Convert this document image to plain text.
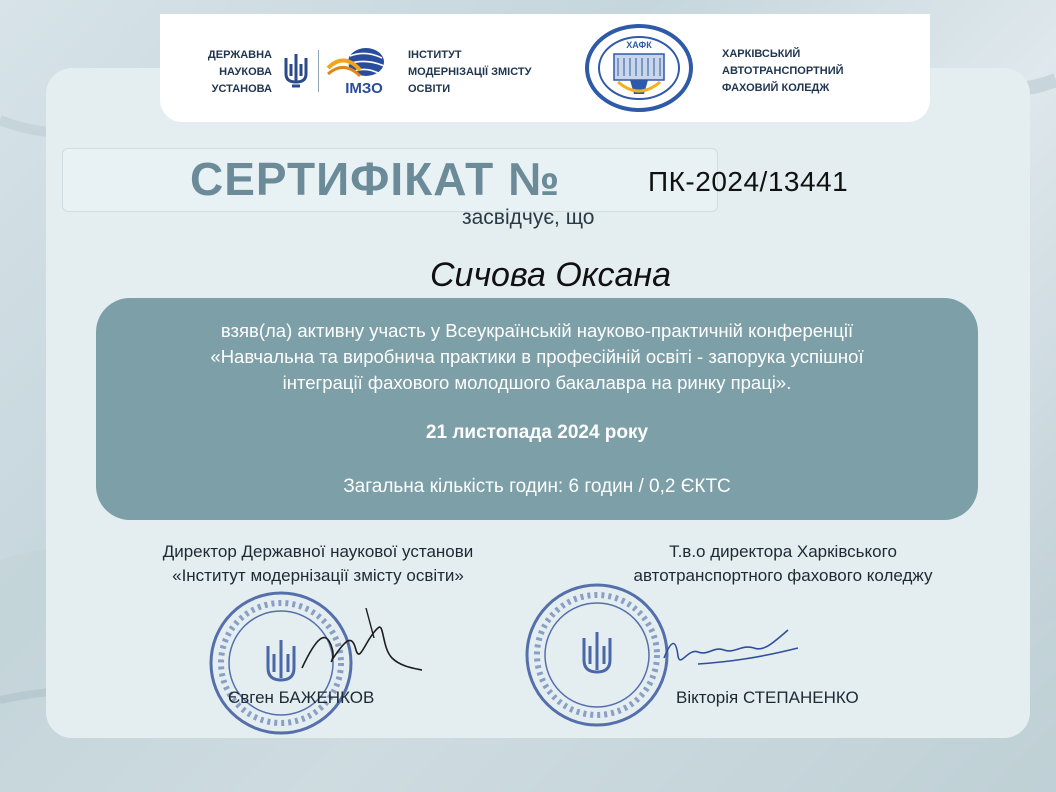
ДЕРЖАВНА
НАУКОВА
УСТАНОВА	ІМЗО
ІНСТИТУТ
МОДЕРНІЗАЦІЇ ЗМІСТУ
ОСВІТИ
ХАФК
ХАРКІВСЬКИЙ
АВТОТРАНСПОРТНИЙ
ФАХОВИЙ КОЛЕДЖ
СЕРТИФІКАТ №	ПК-2024/13441
засвідчує, що
Сичова Оксана
взяв(ла) активну участь у Всеукраїнській науково-практичній конференції
«Навчальна та виробнича практики в професійній освіті - запорука успішної
інтеграції фахового молодшого бакалавра на ринку праці».
21 листопада 2024 року
Загальна кількість годин: 6 годин / 0,2 ЄКТС
Директор Державної наукової установи
«Інститут модернізації змісту освіти»
Т.в.о директора Харківського
автотранспортного фахового коледжу
Євген БАЖЕНКОВ	Вікторія СТЕПАНЕНКО
